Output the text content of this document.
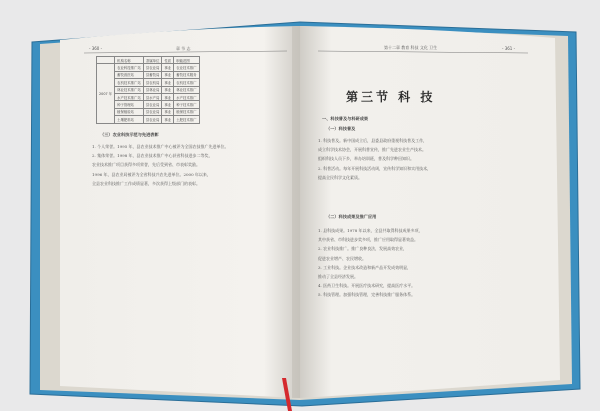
- 360 -	章 节 志
	机构名称	隶属单位	性质	职能范围
2007 年	农业科技推广站	县农业局	事业	农业技术推广
	畜牧兽医站	县畜牧局	事业	畜牧技术服务
	农机技术推广站	县农机局	事业	农机技术推广
	林业技术推广站	县林业局	事业	林业技术推广
	水产技术推广站	县水产局	事业	水产技术推广
	种子管理站	县农业局	事业	种子技术推广
	植保植检站	县农业局	事业	植保技术推广
	土壤肥料站	县农业局	事业	土肥技术推广
（三）农业科技示范与先进表彰
1. 个人荣誉。1995 年，县农业技术推广中心被评为全国农技推广先进单位。
2. 集体荣誉。1998 年，县农业技术推广中心获省科技进步二等奖，
农业技术推广项目获得多项荣誉，先后受到省、市表彰奖励。
1996 年，县农业局被评为全省科技兴农先进单位。2000 年以来，
全县农业科技推广工作成绩显著，多次获得上级部门的表彰。
第十二章 教育 科技 文化 卫生	- 361 -
第三节 科 技
一、科技普及与科研成果
（一）科技普及
1. 科技普及。新中国成立后，县委县政府重视科技普及工作，
成立科学技术协会，开展科普宣传，推广先进农业生产技术。
组织科技人员下乡，举办培训班，普及科学种田知识。
2. 科普活动。每年开展科技活动周，宣传科学知识和实用技术，
提高全民科学文化素质。
（二）科技成果及推广应用
1. 县科技成果。1978 年以来，全县共取得科技成果多项，
其中获省、市科技进步奖多项，推广应用取得显著效益。
2. 农业科技推广。推广良种良法，发展高效农业，
促进农业增产、农民增收。
3. 工业科技。企业技术改造和新产品开发成效明显，
推动了全县经济发展。
4. 医药卫生科技。开展医疗技术研究，提高医疗水平。
5. 科技管理。加强科技管理，完善科技推广服务体系。
